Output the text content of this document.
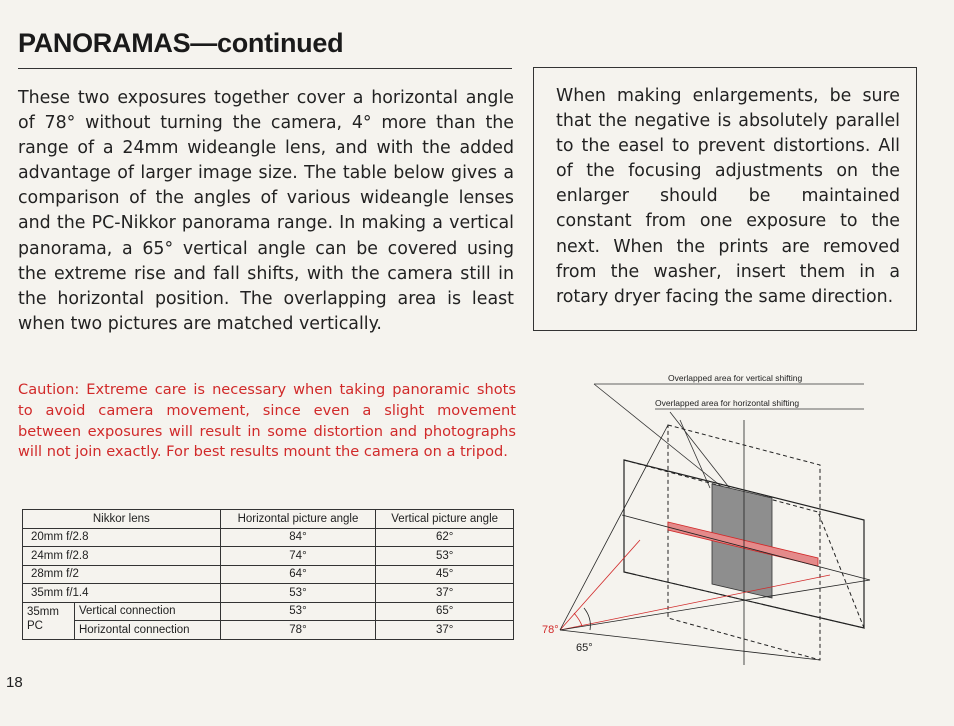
PANORAMAS—continued

These two exposures together cover a horizontal angle of 78° without turning the camera, 4° more than the range of a 24mm wideangle lens, and with the added advantage of larger image size. The table below gives a comparison of the angles of various wideangle lenses and the PC-Nikkor panorama range. In making a vertical panorama, a 65° vertical angle can be covered using the extreme rise and fall shifts, with the camera still in the horizontal position. The overlapping area is least when two pictures are matched vertically.

When making enlargements, be sure that the negative is absolutely parallel to the easel to prevent distortions. All of the focusing adjustments on the enlarger should be maintained constant from one exposure to the next. When the prints are removed from the washer, insert them in a rotary dryer facing the same direction.

Caution: Extreme care is necessary when taking panoramic shots to avoid camera movement, since even a slight movement between exposures will result in some distortion and photographs will not join exactly. For best results mount the camera on a tripod.

Nikkor lens		Horizontal picture angle	Vertical picture angle
20mm f/2.8		84°	62°
24mm f/2.8		74°	53°
28mm f/2		64°	45°
35mm f/1.4		53°	37°
35mm PC	Vertical connection	53°	65°
	Horizontal connection	78°	37°
Overlapped area for vertical shifting
Overlapped area for horizontal shifting
78°
65°
18
